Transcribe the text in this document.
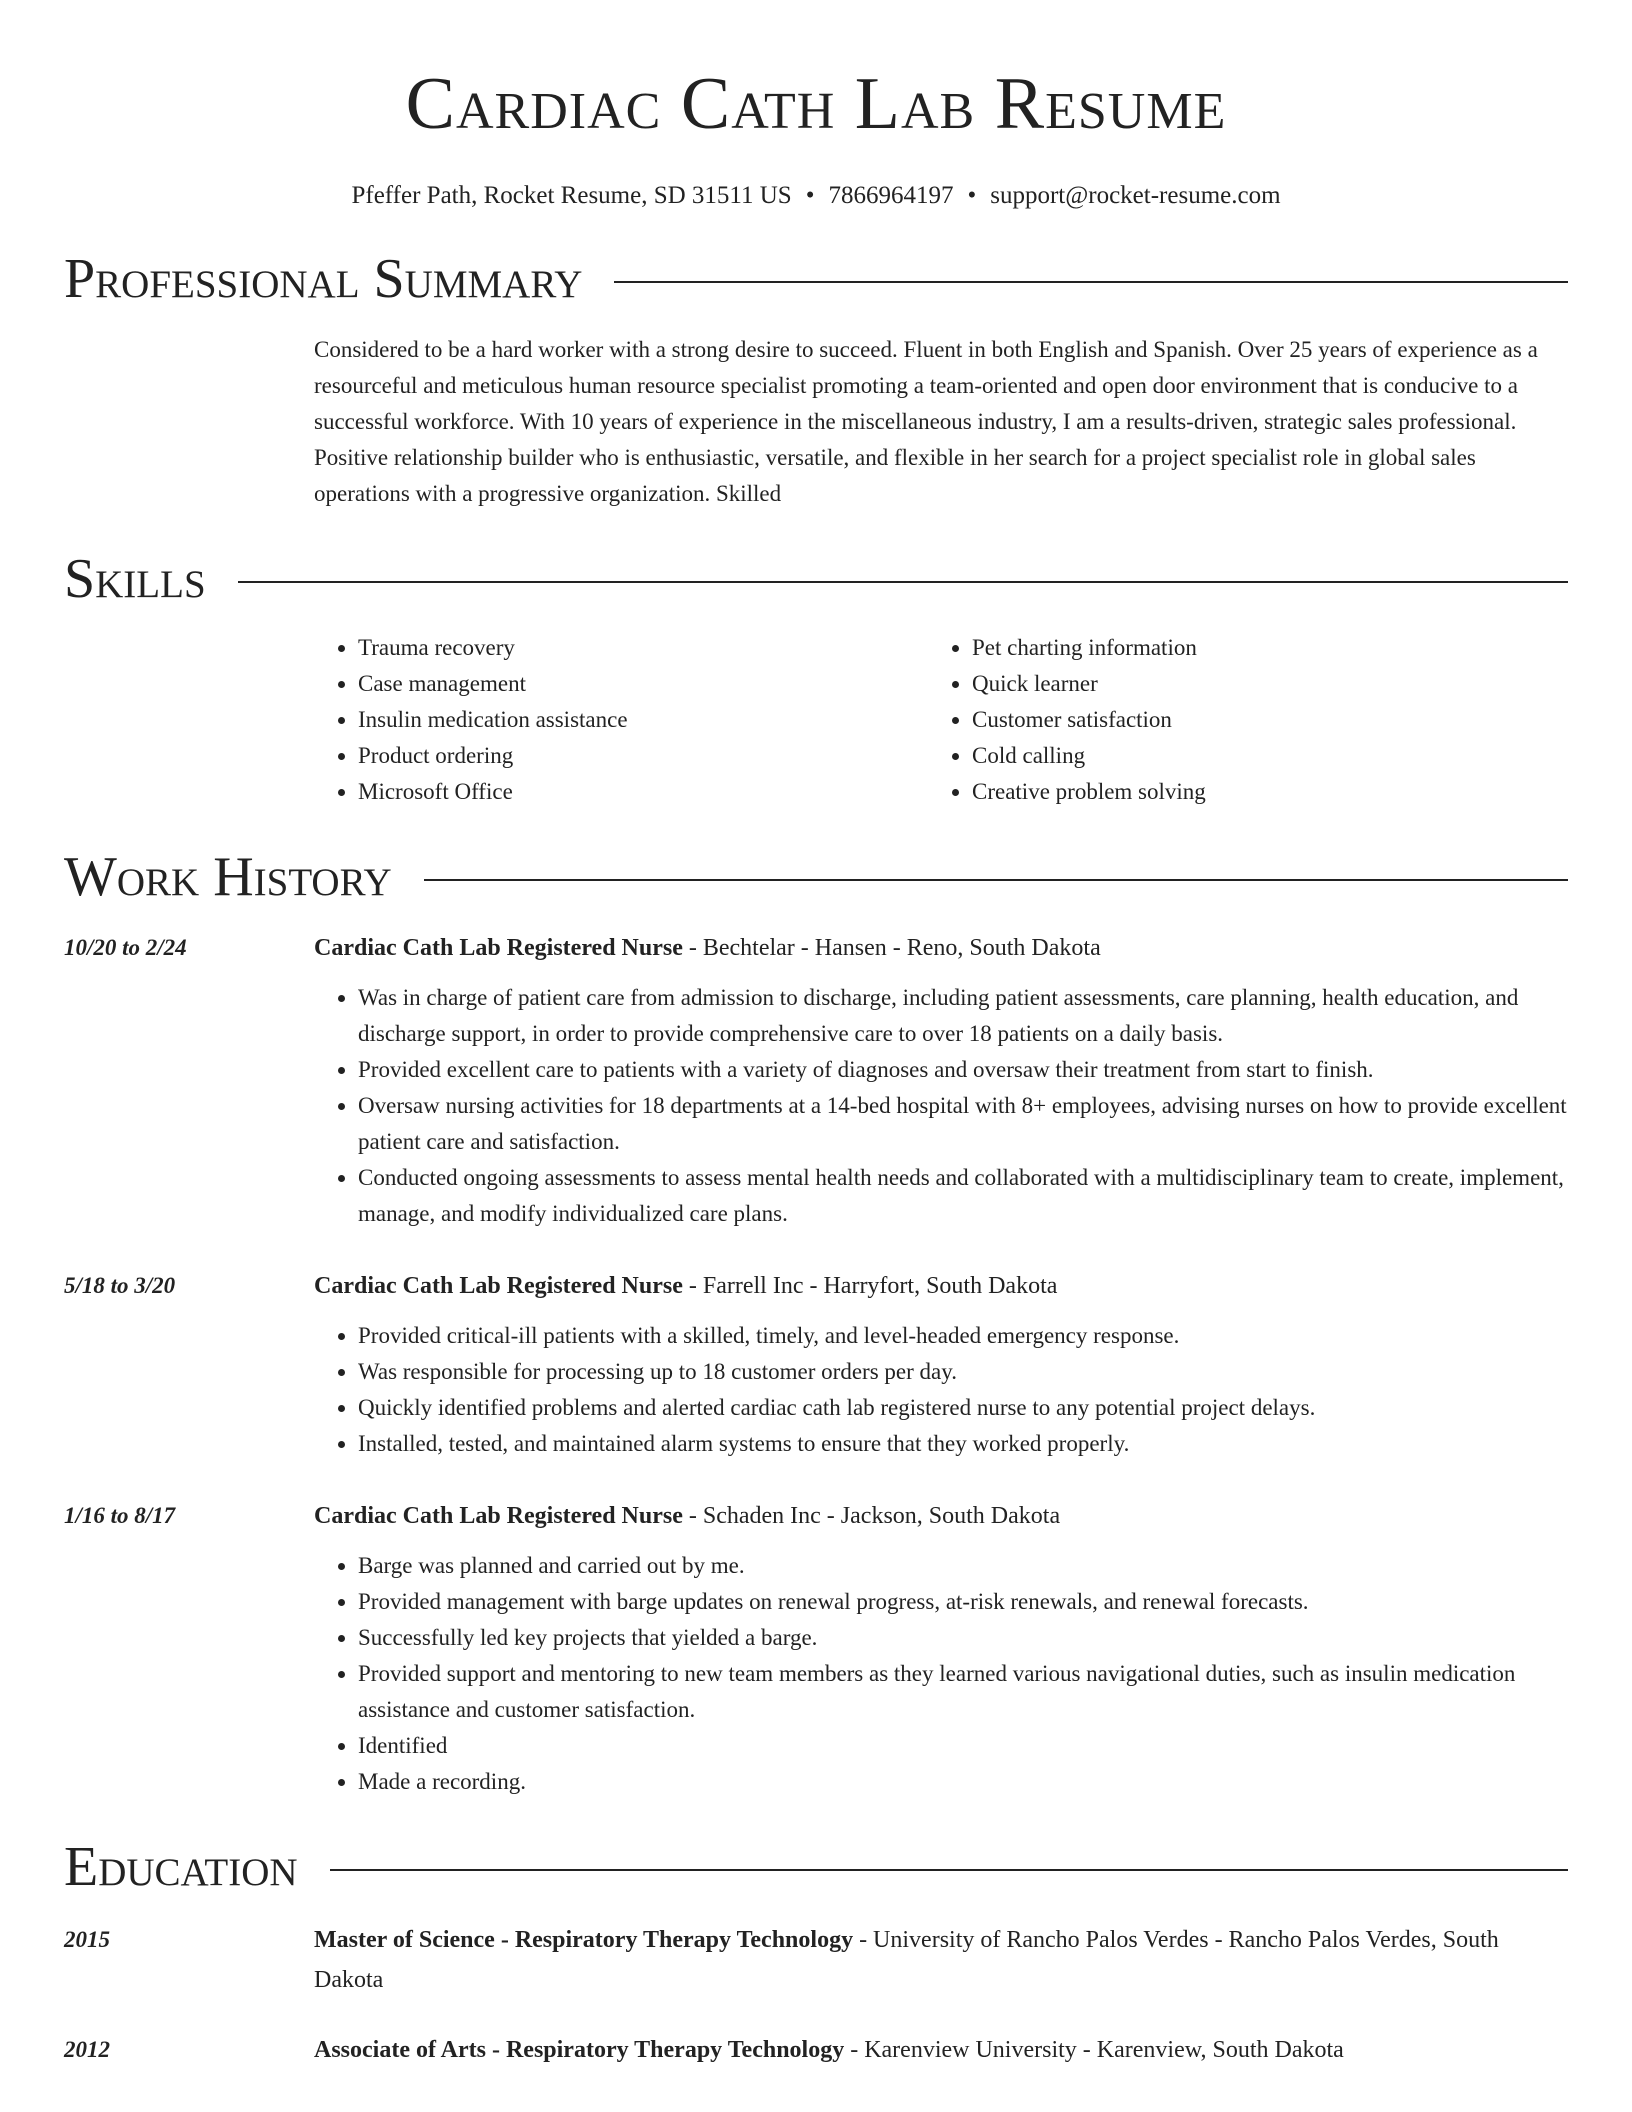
Cardiac Cath Lab Resume
Pfeffer Path, Rocket Resume, SD 31511 US • 7866964197 • support@rocket-resume.com
Professional Summary
Considered to be a hard worker with a strong desire to succeed. Fluent in both English and Spanish. Over 25 years of experience as a resourceful and meticulous human resource specialist promoting a team-oriented and open door environment that is conducive to a successful workforce. With 10 years of experience in the miscellaneous industry, I am a results-driven, strategic sales professional. Positive relationship builder who is enthusiastic, versatile, and flexible in her search for a project specialist role in global sales operations with a progressive organization. Skilled
Skills
• Trauma recovery
• Case management
• Insulin medication assistance
• Product ordering
• Microsoft Office
• Pet charting information
• Quick learner
• Customer satisfaction
• Cold calling
• Creative problem solving
Work History
10/20 to 2/24	Cardiac Cath Lab Registered Nurse - Bechtelar - Hansen - Reno, South Dakota
• Was in charge of patient care from admission to discharge, including patient assessments, care planning, health education, and discharge support, in order to provide comprehensive care to over 18 patients on a daily basis.
• Provided excellent care to patients with a variety of diagnoses and oversaw their treatment from start to finish.
• Oversaw nursing activities for 18 departments at a 14-bed hospital with 8+ employees, advising nurses on how to provide excellent patient care and satisfaction.
• Conducted ongoing assessments to assess mental health needs and collaborated with a multidisciplinary team to create, implement, manage, and modify individualized care plans.
5/18 to 3/20	Cardiac Cath Lab Registered Nurse - Farrell Inc - Harryfort, South Dakota
• Provided critical-ill patients with a skilled, timely, and level-headed emergency response.
• Was responsible for processing up to 18 customer orders per day.
• Quickly identified problems and alerted cardiac cath lab registered nurse to any potential project delays.
• Installed, tested, and maintained alarm systems to ensure that they worked properly.
1/16 to 8/17	Cardiac Cath Lab Registered Nurse - Schaden Inc - Jackson, South Dakota
• Barge was planned and carried out by me.
• Provided management with barge updates on renewal progress, at-risk renewals, and renewal forecasts.
• Successfully led key projects that yielded a barge.
• Provided support and mentoring to new team members as they learned various navigational duties, such as insulin medication assistance and customer satisfaction.
• Identified
• Made a recording.
Education
2015	Master of Science - Respiratory Therapy Technology - University of Rancho Palos Verdes - Rancho Palos Verdes, South Dakota
2012	Associate of Arts - Respiratory Therapy Technology - Karenview University - Karenview, South Dakota
